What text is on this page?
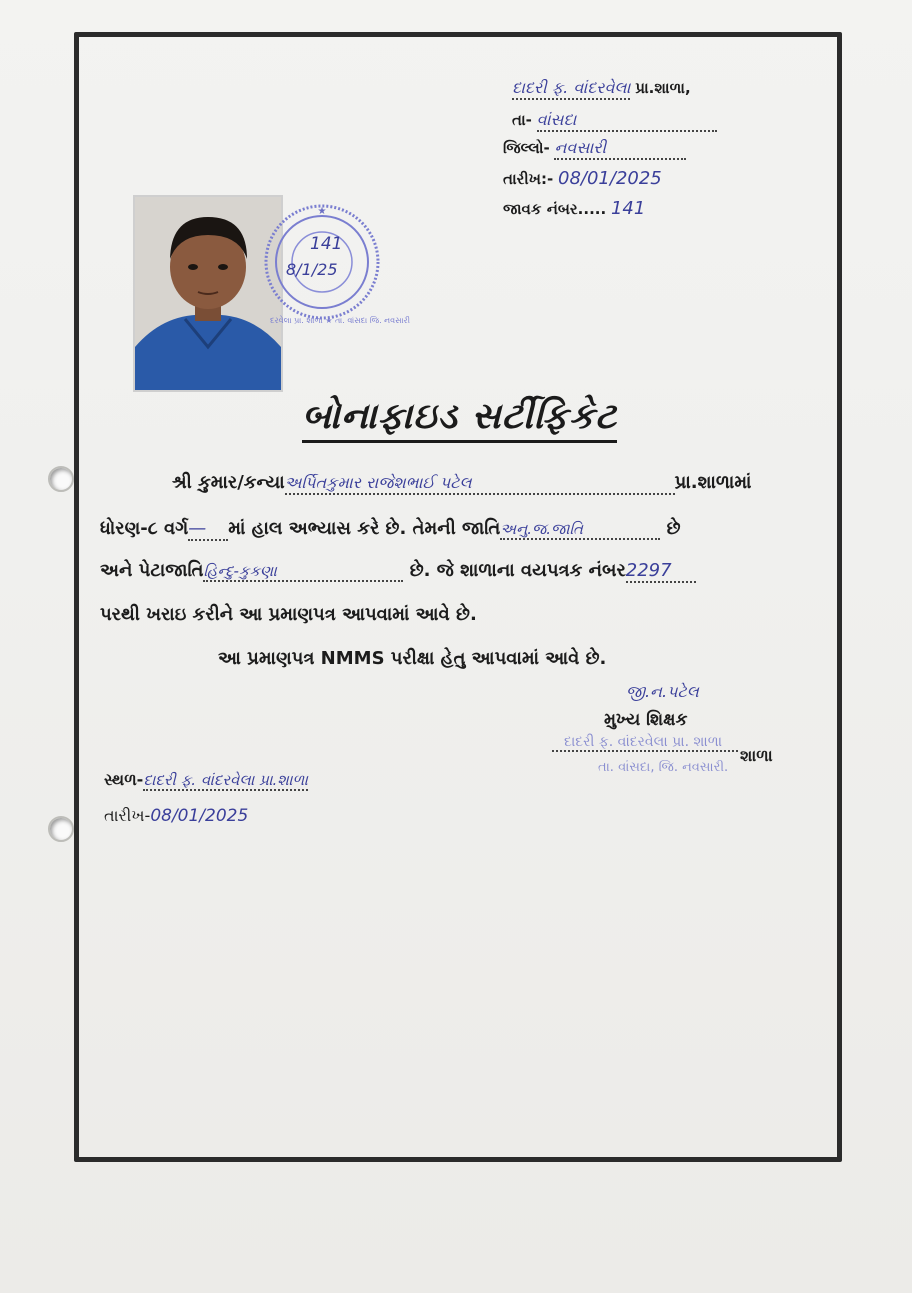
દાદરી ફ. વાંદરવેલા પ્રા.શાળા,
તા- વાંસદા
જિલ્લો- નવસારી
તારીખ:- 08/01/2025
જાવક નંબર..... 141
★
141
8/1/25
દરવેલા પ્રા. શાળા ★ તા. વાંસદા જિ. નવસારી
બોનાફાઇડ સર્ટીફિકેટ
શ્રી કુમાર/કન્યાઅર્પિતકુમાર રાજેશભાઈ પટેલ	પ્રા.શાળામાં
ધોરણ-૮ વર્ગ— માં હાલ અભ્યાસ કરે છે. તેમની જાતિઅનુ.જ.જાતિ	છે
અને પેટાજાતિહિન્દુ-કુકણા	છે. જે શાળાના વયપત્રક નંબર2297
પરથી ખરાઇ કરીને આ પ્રમાણપત્ર આપવામાં આવે છે.
આ પ્રમાણપત્ર NMMS પરીક્ષા હેતુ આપવામાં આવે છે.
જી.ન.પટેલ
મુખ્ય શિક્ષક
દાદરી ફ. વાંદરવેલા પ્રા. શાળા
શાળા
તા. વાંસદા, જિ. નવસારી.
સ્થળ-દાદરી ફ. વાંદરવેલા પ્રા.શાળા
તારીખ-08/01/2025
